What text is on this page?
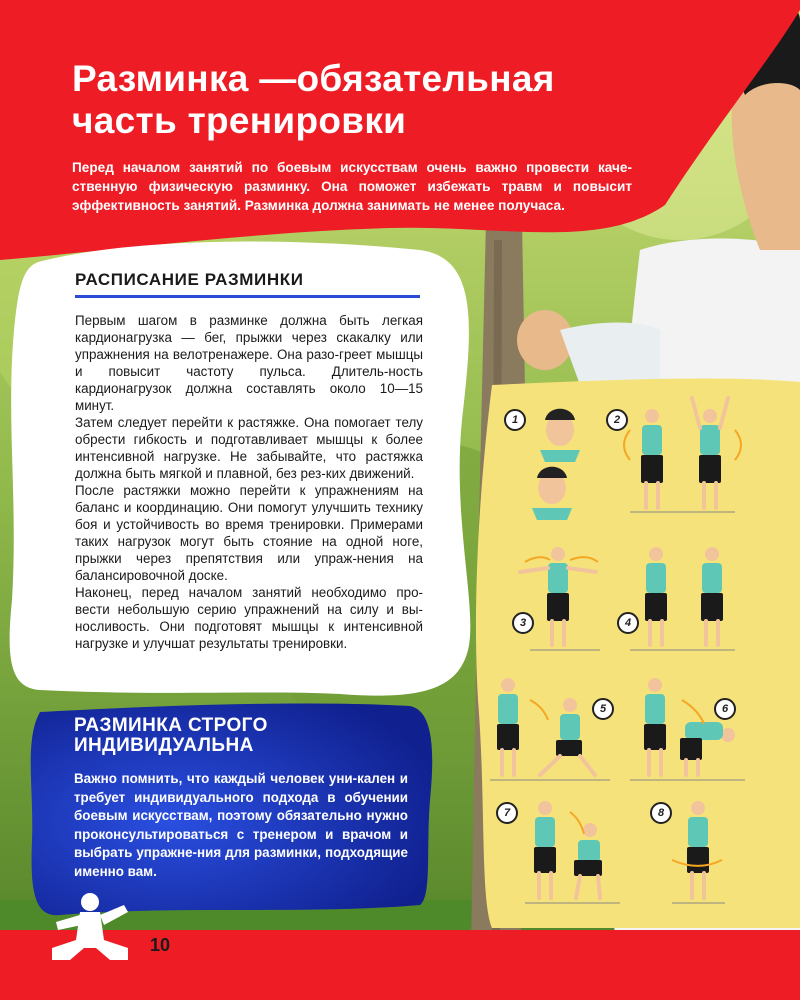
Разминка —обязательная
часть тренировки

Перед началом занятий по боевым искусствам очень важно провести каче-ственную физическую разминку. Она поможет избежать травм и повысит эффективность занятий. Разминка должна занимать не менее получаса.

РАСПИСАНИЕ РАЗМИНКИ

Первым шагом в разминке должна быть легкая кардионагрузка — бег, прыжки через скакалку или упражнения на велотренажере. Она разо-греет мышцы и повысит частоту пульса. Длитель-ность кардионагрузок должна составлять около 10—15 минут.

Затем следует перейти к растяжке. Она помогает телу обрести гибкость и подготавливает мышцы к более интенсивной нагрузке. Не забывайте, что растяжка должна быть мягкой и плавной, без рез-ких движений.

После растяжки можно перейти к упражнениям на баланс и координацию. Они помогут улучшить технику боя и устойчивость во время тренировки. Примерами таких нагрузок могут быть стояние на одной ноге, прыжки через препятствия или упраж-нения на балансировочной доске.

Наконец, перед началом занятий необходимо про-вести небольшую серию упражнений на силу и вы-носливость. Они подготовят мышцы к интенсивной нагрузке и улучшат результаты тренировки.

РАЗМИНКА СТРОГО
ИНДИВИДУАЛЬНА

Важно помнить, что каждый человек уни-кален и требует индивидуального подхода в обучении боевым искусствам, поэтому обязательно нужно проконсультироваться с тренером и врачом и выбрать упражне-ния для разминки, подходящие именно вам.

10
1	2
3	4
5	6
7	8
